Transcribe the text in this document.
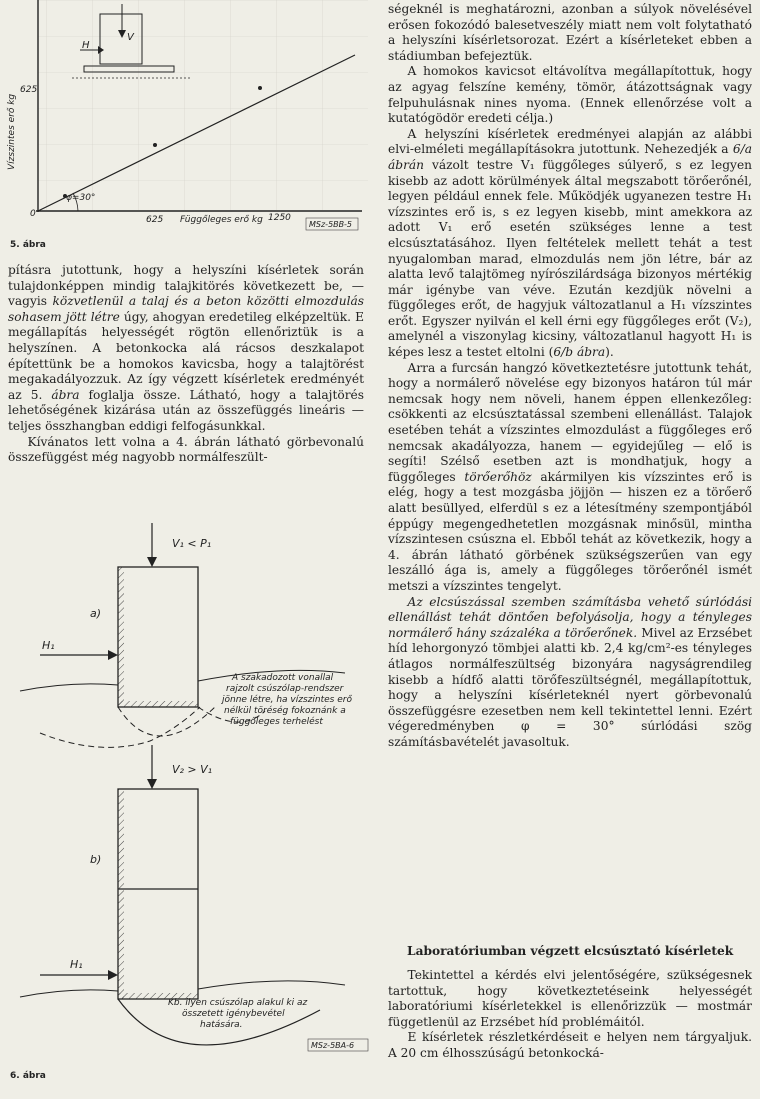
V
H
φ=30°
625
625	1250
0
Függőleges erő kg
Vízszintes erő kg
MSz-5BB-5
5. ábra

pításra jutottunk, hogy a helyszíni kísérletek során tulajdonképpen mindig talajkitörés következett be, — vagyis közvetlenül a talaj és a beton közötti elmozdulás sohasem jött létre úgy, ahogyan eredetileg elképzeltük. E megállapítás helyességét rögtön ellenőriztük is a helyszínen. A betonkocka alá rácsos deszkalapot építettünk be a homokos kavicsba, hogy a talajtörést megakadályozzuk. Az így végzett kísérletek eredményét az 5. ábra foglalja össze. Látható, hogy a talajtörés lehetőségének kizárása után az összefüggés lineáris — teljes összhangban eddigi felfogásunkkal.

Kívánatos lett volna a 4. ábrán látható görbevonalú összefüggést még nagyobb normálfeszült-

V₁ < P₁
a)
H₁
A szakadozott vonallal
rajzolt csúszólap-rendszer
jönne létre, ha vízszintes erő
nélkül töréség fokoznánk a
függőleges terhelést
V₂ > V₁
b)
H₁
Kb. ilyen csúszólap alakul ki az
összetett igénybevétel
hatására.
MSz-5BA-6
6. ábra

ségeknél is meghatározni, azonban a súlyok növelésével erősen fokozódó balesetveszély miatt nem volt folytatható a helyszíni kísérletsorozat. Ezért a kísérleteket ebben a stádiumban befejeztük.

A homokos kavicsot eltávolítva megállapítottuk, hogy az agyag felszíne kemény, tömör, átázottságnak vagy felpuhulásnak nines nyoma. (Ennek ellenőrzése volt a kutatógödör eredeti célja.)

A helyszíni kísérletek eredményei alapján az alábbi elvi-elméleti megállapításokra jutottunk. Nehezedjék a 6/a ábrán vázolt testre V₁ függőleges súlyerő, s ez legyen kisebb az adott körülmények által megszabott törőerőnél, legyen például ennek fele. Működjék ugyanezen testre H₁ vízszintes erő is, s ez legyen kisebb, mint amekkora az adott V₁ erő esetén szükséges lenne a test elcsúsztatásához. Ilyen feltételek mellett tehát a test nyugalomban marad, elmozdulás nem jön létre, bár az alatta levő talajtömeg nyírószilárdsága bizonyos mértékig már igénybe van véve. Ezután kezdjük növelni a függőleges erőt, de hagyjuk változatlanul a H₁ vízszintes erőt. Egyszer nyilván el kell érni egy függőleges erőt (V₂), amelynél a viszonylag kicsiny, változatlanul hagyott H₁ is képes lesz a testet eltolni (6/b ábra).

Arra a furcsán hangzó következtetésre jutottunk tehát, hogy a normálerő növelése egy bizonyos határon túl már nemcsak hogy nem növeli, hanem éppen ellenkezőleg: csökkenti az elcsúsztatással szembeni ellenállást. Talajok esetében tehát a vízszintes elmozdulást a függőleges erő nemcsak akadályozza, hanem — egyidejűleg — elő is segíti! Szélső esetben azt is mondhatjuk, hogy a függőleges törőerőhöz akármilyen kis vízszintes erő is elég, hogy a test mozgásba jöjjön — hiszen ez a törőerő alatt besüllyed, elferdül s ez a létesítmény szempontjából éppúgy megengedhetetlen mozgásnak minősül, mintha vízszintesen csúszna el. Ebből tehát az következik, hogy a 4. ábrán látható görbének szükségszerűen van egy leszálló ága is, amely a függőleges törőerőnél ismét metszi a vízszintes tengelyt.

Az elcsúszással szemben számításba vehető súrlódási ellenállást tehát döntően befolyásolja, hogy a tényleges normálerő hány százaléka a törőerőnek. Mivel az Erzsébet híd lehorgonyzó tömbjei alatti kb. 2,4 kg/cm²-es tényleges átlagos normálfeszültség bizonyára nagyságrendileg kisebb a hídfő alatti törőfeszültségnél, megállapítottuk, hogy a helyszíni kísérleteknél nyert görbevonalú összefüggésre ezesetben nem kell tekintettel lenni. Ezért végeredményben φ = 30° súrlódási szög számításbavételét javasoltuk.

Laboratóriumban végzett elcsúsztató kísérletek

Tekintettel a kérdés elvi jelentőségére, szükségesnek tartottuk, hogy következtetéseink helyességét laboratóriumi kísérletekkel is ellenőrizzük — mostmár függetlenül az Erzsébet híd problémáitól.

E kísérletek részletkérdéseit e helyen nem tárgyaljuk. A 20 cm élhosszúságú betonkocká-
